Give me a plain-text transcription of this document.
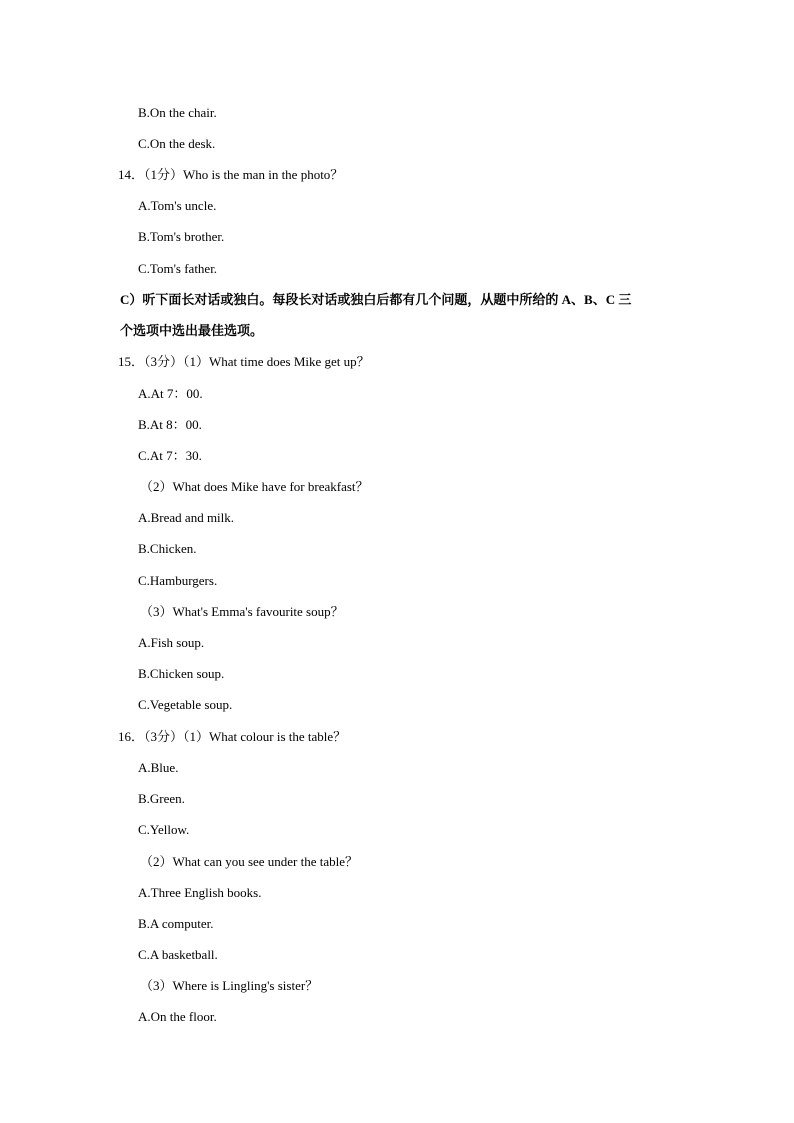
B.On the chair.
C.On the desk.
14．（1分）Who is the man in the photo？
A.Tom's uncle.
B.Tom's brother.
C.Tom's father.
C）听下面长对话或独白。每段长对话或独白后都有几个问题，从题中所给的 A、B、C 三
个选项中选出最佳选项。
15．（3分）（1）What time does Mike get up？
A.At 7：00.
B.At 8：00.
C.At 7：30.
（2）What does Mike have for breakfast？
A.Bread and milk.
B.Chicken.
C.Hamburgers.
（3）What's Emma's favourite soup？
A.Fish soup.
B.Chicken soup.
C.Vegetable soup.
16．（3分）（1）What colour is the table？
A.Blue.
B.Green.
C.Yellow.
（2）What can you see under the table？
A.Three English books.
B.A computer.
C.A basketball.
（3）Where is Lingling's sister？
A.On the floor.
